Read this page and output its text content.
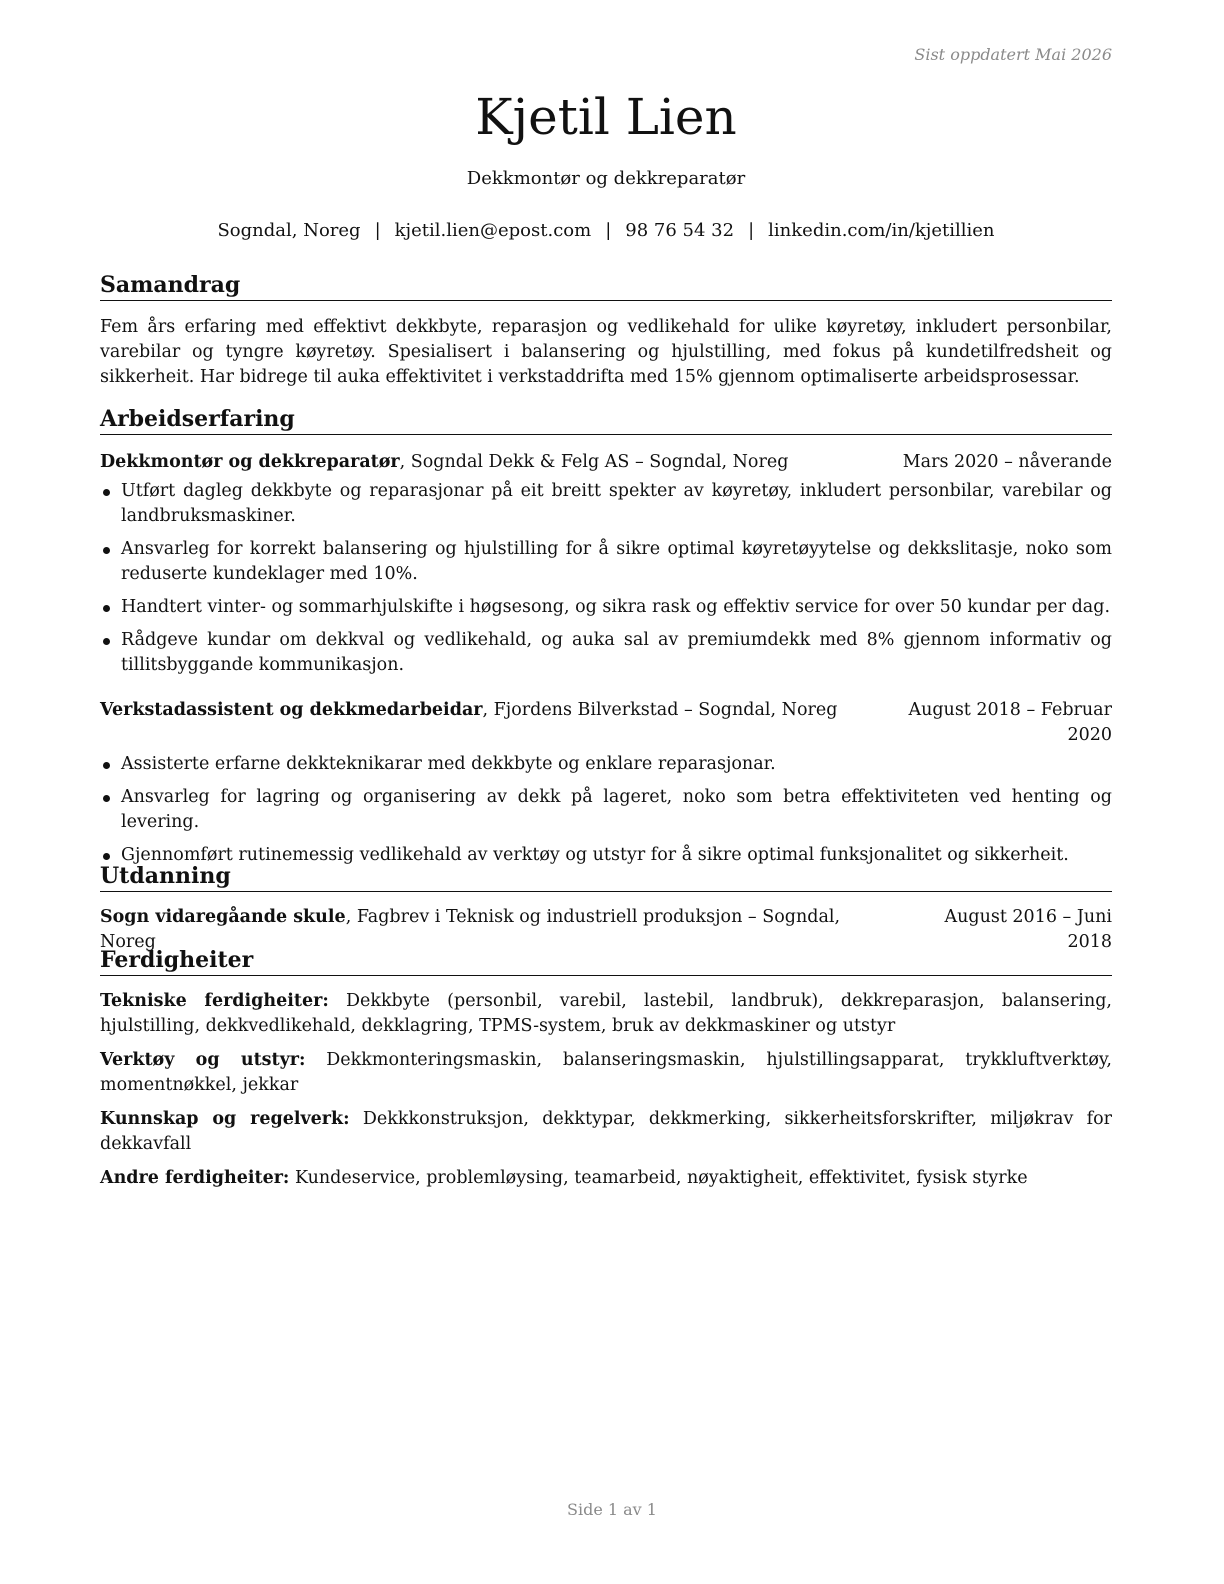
Sist oppdatert Mai 2026
Kjetil Lien
Dekkmontør og dekkreparatør
Sogndal, Noreg | kjetil.lien@epost.com | 98 76 54 32 | linkedin.com/in/kjetillien
Samandrag

Fem års erfaring med effektivt dekkbyte, reparasjon og vedlikehald for ulike køyretøy, inkludert personbilar, varebilar og tyngre køyretøy. Spesialisert i balansering og hjulstilling, med fokus på kundetilfredsheit og sikkerheit. Har bidrege til auka effektivitet i verkstaddrifta med 15% gjennom optimaliserte arbeidsprosessar.

Arbeidserfaring
Dekkmontør og dekkreparatør, Sogndal Dekk & Felg AS – Sogndal, Noreg	Mars 2020 – nåverande
Utført dagleg dekkbyte og reparasjonar på eit breitt spekter av køyretøy, inkludert personbilar, varebilar og landbruksmaskiner.
Ansvarleg for korrekt balansering og hjulstilling for å sikre optimal køyretøyytelse og dekkslitasje, noko som reduserte kundeklager med 10%.
Handtert vinter- og sommarhjulskifte i høgsesong, og sikra rask og effektiv service for over 50 kundar per dag.
Rådgeve kundar om dekkval og vedlikehald, og auka sal av premiumdekk med 8% gjennom informativ og tillitsbyggande kommunikasjon.
Verkstadassistent og dekkmedarbeidar, Fjordens Bilverkstad – Sogndal, Noreg	August 2018 – Februar 2020
Assisterte erfarne dekkteknikarar med dekkbyte og enklare reparasjonar.
Ansvarleg for lagring og organisering av dekk på lageret, noko som betra effektiviteten ved henting og levering.
Gjennomført rutinemessig vedlikehald av verktøy og utstyr for å sikre optimal funksjonalitet og sikkerheit.
Utdanning
Sogn vidaregåande skule, Fagbrev i Teknisk og industriell produksjon – Sogndal, Noreg
August 2016 – Juni 2018
Ferdigheiter

Tekniske ferdigheiter: Dekkbyte (personbil, varebil, lastebil, landbruk), dekkreparasjon, balansering, hjulstilling, dekkvedlikehald, dekklagring, TPMS-system, bruk av dekkmaskiner og utstyr

Verktøy og utstyr: Dekkmonteringsmaskin, balanseringsmaskin, hjulstillingsapparat, trykkluftverktøy, momentnøkkel, jekkar

Kunnskap og regelverk: Dekkkonstruksjon, dekktypar, dekkmerking, sikkerheitsforskrifter, miljøkrav for dekkavfall

Andre ferdigheiter: Kundeservice, problemløysing, teamarbeid, nøyaktigheit, effektivitet, fysisk styrke

Side 1 av 1
